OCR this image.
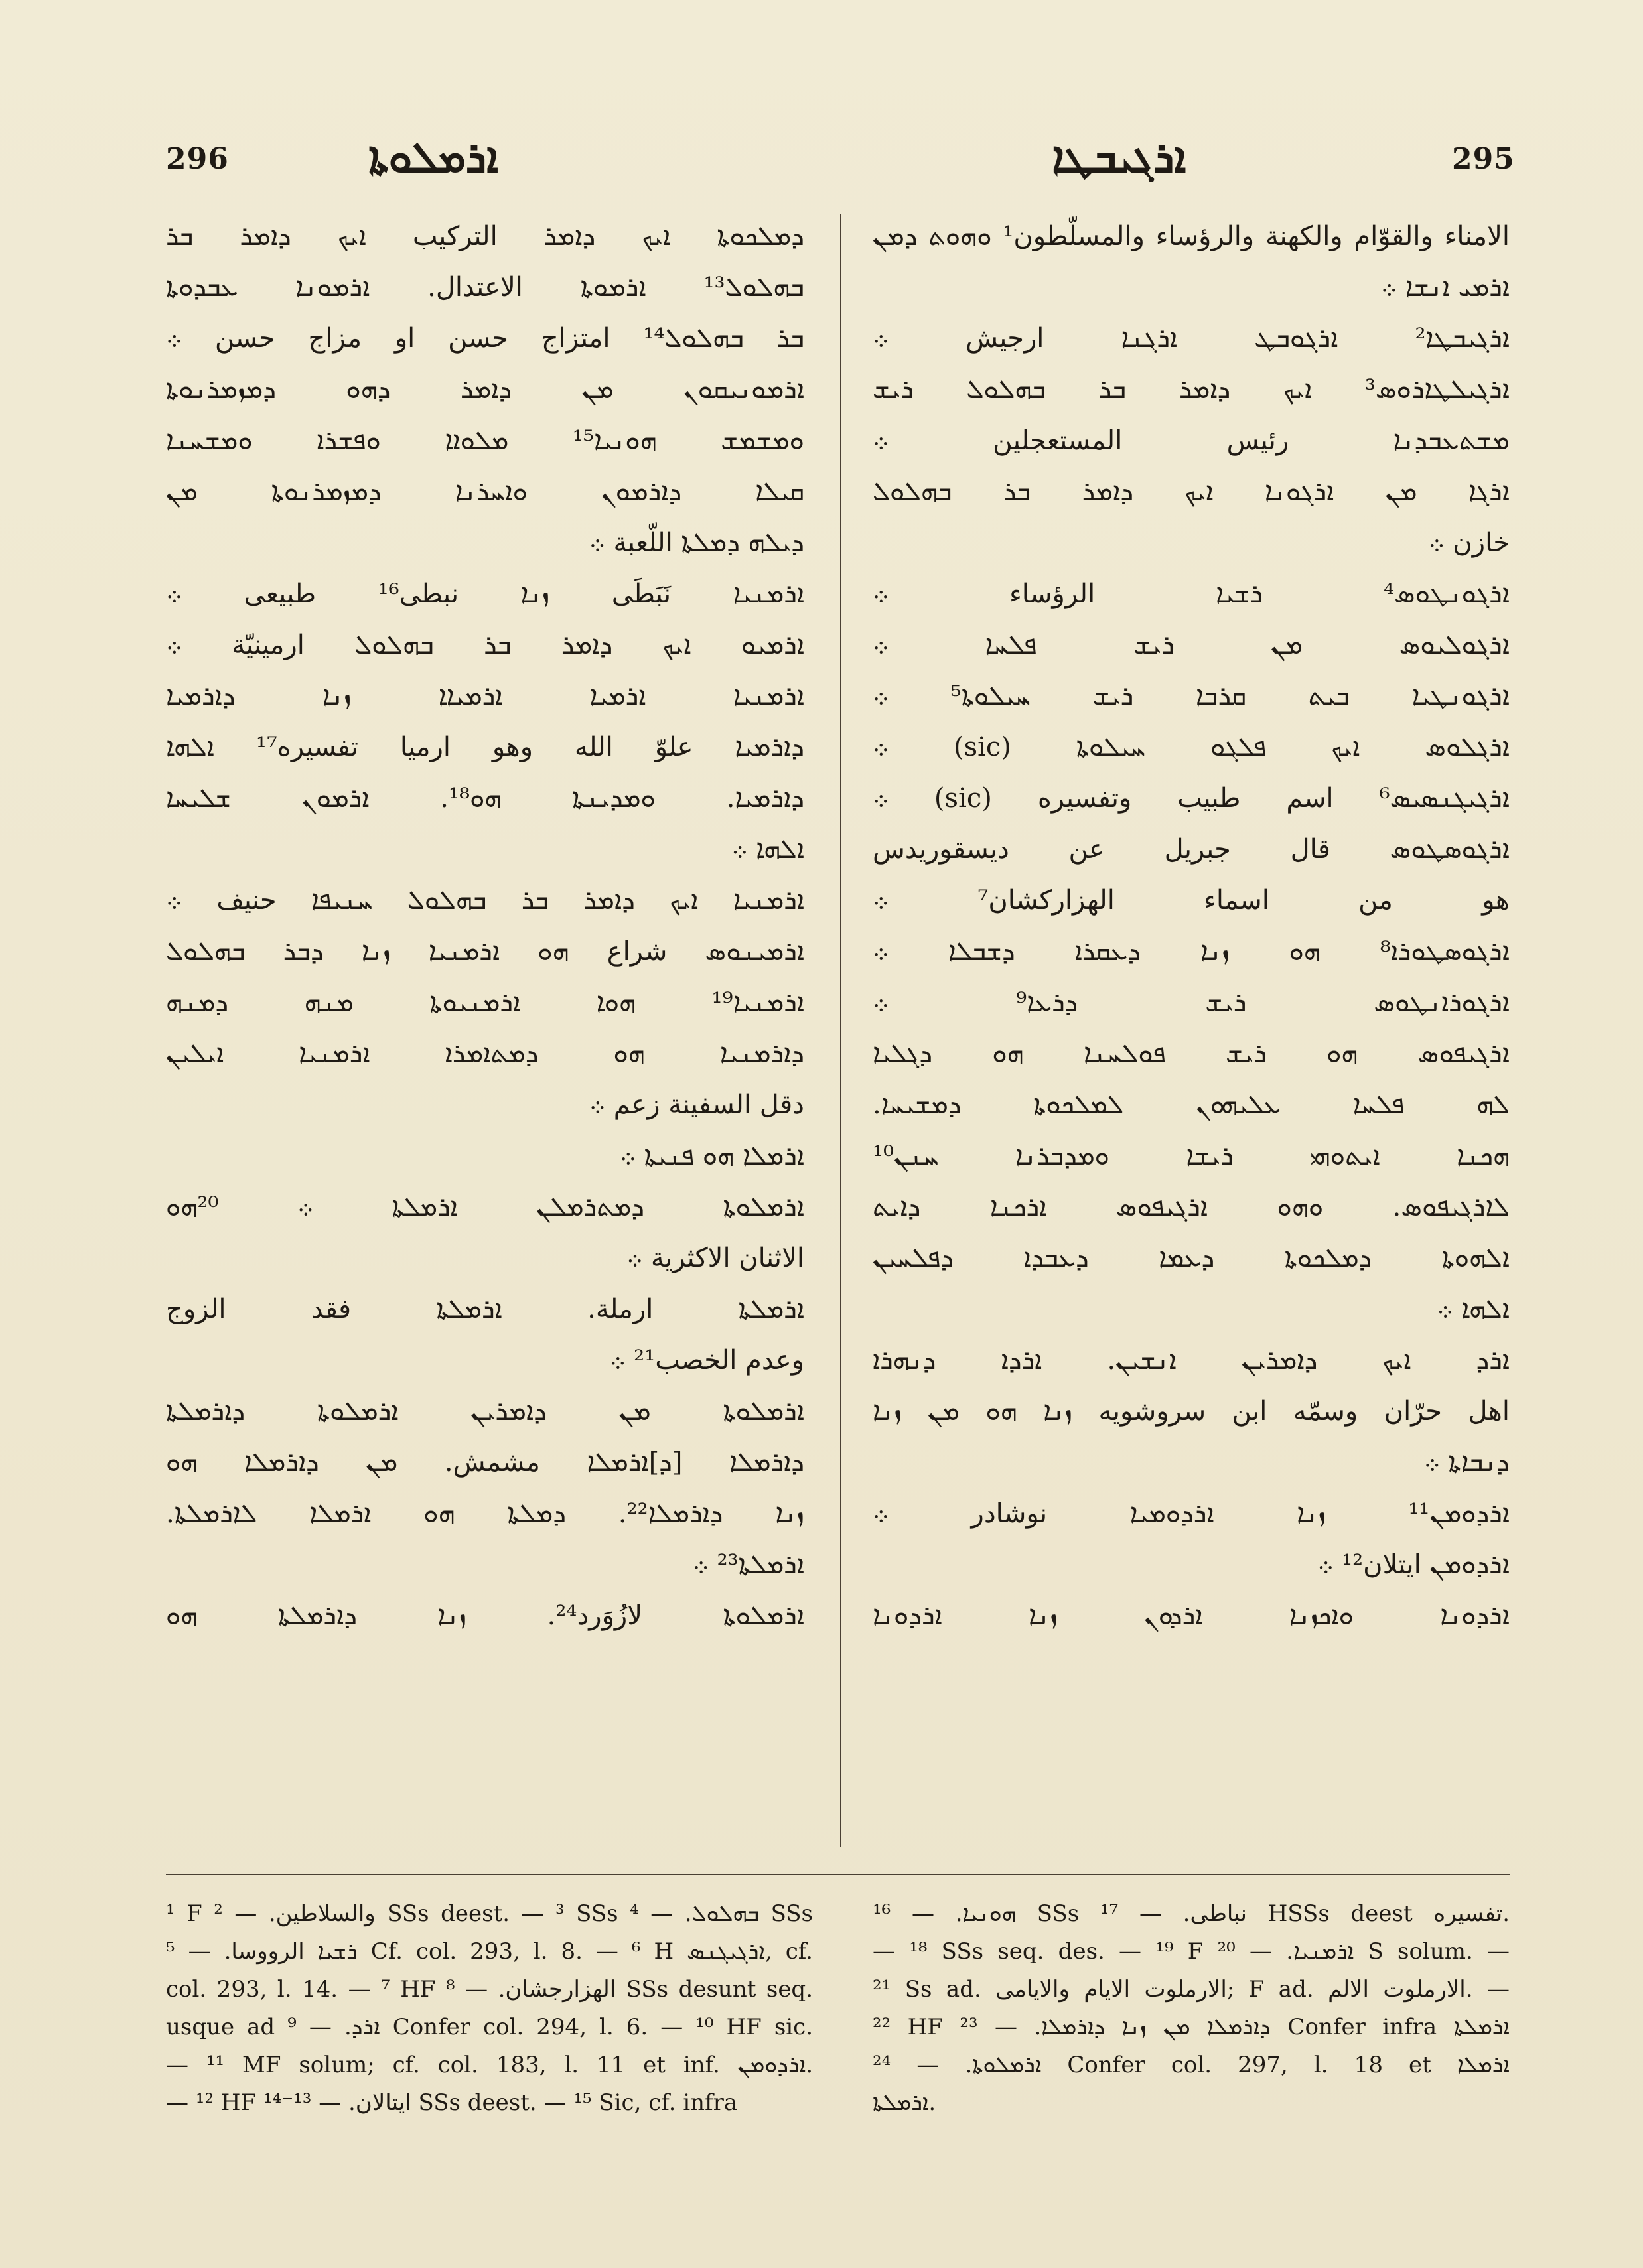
296	ܐܪܡܠܘܬܐ	ܐܪܓܝܒܛܐ	295
الامناء والقوّام والكهنة والرؤساء والمسلّطون¹ ܘܗܘܬ ܕܡܢ
ܐܪܡܝ ܐܢܫܐ ܀
ܐܪܓܝܒܛܐ² ܐܪܓܘܒܛ ܐܪܓܢܐ ارجيش ܀
ܐܪܓܝܠܛܐܪܘܣ³ ܐܝܟ ܕܐܡܪ ܒܪ ܒܗܠܘܠ ܪܝܫ
ܡܫܬܥܒܕܢܐ رئيس المستعجلين ܀
ܐܪܓܐ ܡܢ ܐܪܓܘܢܐ ܐܝܟ ܕܐܡܪ ܒܪ ܒܗܠܘܠ
خازن ܀
ܐܪܓܘܢܛܘܣ⁴ ܪܫܝܐ الرؤساء ܀
ܐܪܓܘܠܝܘܣ ܡܢ ܪܝܫ ܦܠܚܐ ܀
ܐܪܓܘܢܛܝܐ ܒܝܬ ܩܪܒܐ ܪܝܫ ܚܝܠܘܬܐ⁵ ܀
ܐܪܓܠܘܣ ܐܝܟ ܦܠܓܘ ܚܝܠܘܬܐ (sic) ܀
ܐܪܓܝܓܢܣܝܣ⁶ اسم طبيب وتفسيره (sic) ܀
ܐܪܓܘܣܛܘܣ قال جبريل عن ديسقوريدس
هو من اسماء الهزاركشان⁷ ܀
ܐܪܓܘܣܛܘܪܐ⁸ ܗܘ ܙܢܐ ܕܥܩܪܐ ܕܫܒܠܐ ܀
ܐܪܓܘܪܐܢܛܘܣ ܪܝܫ ܕܪܥܐ⁹ ܀
ܐܪܓܝܦܘܣ ܗܘ ܪܝܫ ܦܘܠܚܢܐ ܗܘ ܕܓܠܝܐ
ܠܗ ܦܠܚܐ ܥܠܝܗܘܢ ܠܡܠܟܘܬܐ ܕܡܫܝܚܐ.
ܗܟܢܐ ܐܝܬܘܗܝ ܪܝܫܐ ܘܡܕܒܪܢܐ ܚܢܢ¹⁰
ܠܐܪܓܝܦܘܣ. ܘܗܘ ܐܪܓܝܦܘܣ ܐܪܟܢܐ ܕܐܝܬ
ܐܠܗܘܬܐ ܕܡܠܟܘܬܐ ܕܥܡܐ ܕܥܒܕܐ ܕܦܠܚܝܢ
ܐܠܗܐ ܀
ܐܪܕ ܐܝܟ ܕܐܡܪܝܢ ܐܢܫܝܢ. ܐܪܕܐ ܕܢܗܪܐ
اهل حرّان وسمّه ابن سروشويه ܙܢܐ ܗܘ ܡܢ ܙܢܐ
ܕܢܒܐܬܐ ܀
ܐܪܕܘܡܢ¹¹ ܙܢܐ ܐܪܕܘܡܝܐ نوشادر ܀
ܐܪܕܘܡܢ ايتلان¹² ܀
ܐܪܕܘܢܐ ܘܐܟܙܢܐ ܐܪܕܘܢ ܙܢܐ ܐܪܕܘܢܐ
ܕܡܠܟܘܬܐ ܐܝܟ ܕܐܡܪ التركيب ܐܝܟ ܕܐܡܪ ܒܪ
ܒܗܠܘܠ¹³ ܐܪܡܘܬܐ الاعتدال. ܐܪܡܘܢܐ ܥܒܕܘܬܐ
ܒܪ ܒܗܠܘܠ¹⁴ امتزاج حسن او مزاج حسن ܀
ܐܪܡܘܢܝܩܘܢ ܡܢ ܕܐܡܪ ܕܗܘ ܕܡܙܡܪܢܘܬܐ
ܘܡܫܡܫ ܗܘܢܝܐ¹⁵ ܡܠܘܐܐ ܘܦܫܪܐ ܘܡܫܚܢܐ
ܩܝܠܐ ܕܐܪܡܘܢ ܘܐܚܪܢܐ ܕܡܙܡܪܢܘܬܐ ܡܢ
ܕܝܠܗ ܕܡܠܬܐ اللّعبة ܀
ܐܪܡܢܝܐ نَبَطَى ܙܢܐ نبطى¹⁶ طبيعى ܀
ܐܪܡܝܘ ܐܝܟ ܕܐܡܪ ܒܪ ܒܗܠܘܠ ارمينيّة ܀
ܐܪܡܢܝܐ ܐܪܡܝܐ ܐܪܡܝܐܐ ܙܢܐ ܕܐܪܡܝܐ
ܕܐܪܡܝܐ علوّ الله وهو ارميا تفسيره¹⁷ ܐܠܗܐ
ܕܐܪܡܝܐ. ܘܡܕܝܢܬܐ ܗܘ¹⁸. ܐܪܡܘܢ ܫܠܝܚܐ
ܐܠܗܐ ܀
ܐܪܡܢܝܐ ܐܝܟ ܕܐܡܪ ܒܪ ܒܗܠܘܠ ܚܢܝܦܐ حنيف ܀
ܐܪܡܝܢܘܣ شراع ܗܘ ܐܪܡܢܝܐ ܙܢܐ ܕܒܪ ܒܗܠܘܠ
ܐܪܡܢܝܐ¹⁹ ܗܘܐ ܐܪܡܢܝܘܬܐ ܡܢܗ ܕܡܢܗ
ܕܐܪܡܢܝܐ ܗܘ ܕܡܬܐܡܪܐ ܐܪܡܢܝܐ ܐܝܠܝܢ
دقل السفينة زعم ܀
ܐܪܡܠܐ ܗܘ ܦܢܝܬܐ ܀
ܐܪܡܠܘܬܐ ܕܡܬܪܡܠܢ ܐܪܡܠܬܐ ܀ ²⁰ܗܘ
الاثنان الاكثرية ܀
ܐܪܡܠܬܐ ارملة. ܐܪܡܠܬܐ فقد الزوج
وعدم الخصب²¹ ܀
ܐܪܡܠܘܬܐ ܡܢ ܕܐܡܪܝܢ ܐܪܡܠܘܬܐ ܕܐܪܡܠܬܐ
ܕܐܪܡܠܐ [ܕ]ܐܪܡܠܐ مشمش. ܡܢ ܕܐܪܡܠܐ ܗܘ
ܙܢܐ ܕܐܪܡܠܐ²². ܕܡܠܬܐ ܗܘ ܐܪܡܠܐ ܠܐܪܡܠܬܐ.
ܐܪܡܠܬܐ²³ ܀
ܐܪܡܠܘܬܐ لازُوَرد²⁴. ܙܢܐ ܕܐܪܡܠܬܐ ܗܘ
¹ F والسلاطين. — ² SSs deest. — ³ SSs ܒܗܠܘܠ. — ⁴ SSs
ܪܫܝܐ الرووسا. — ⁵ Cf. col. 293, l. 8. — ⁶ H ܐܪܓܝܓܢܣ, cf.
col. 293, l. 14. — ⁷ HF الهزارجشان. — ⁸ SSs desunt seq.
usque ad ܐܪܕ. — ⁹ Confer col. 294, l. 6. — ¹⁰ HF sic.
— ¹¹ MF solum; cf. col. 183, l. 11 et inf. ܐܪܕܘܡܢ.
— ¹² HF ايتالان. — ¹³⁻¹⁴ SSs deest. — ¹⁵ Sic, cf. infra
ܗܘܢܝܐ. — ¹⁶ SSs نباطى. — ¹⁷ HSSs deest تفسيره.
— ¹⁸ SSs seq. des. — ¹⁹ F ܐܪܡܢܝܐ. — ²⁰ S solum. —
²¹ Ss ad. الارملوت الايام والايامى; F ad. الارملوت الالم. —
²² HF ܕܐܪܡܠܐ ܡܢ ܙܢܐ ܕܐܪܡܠܐ. — ²³ Confer infra ܐܪܡܠܬܐ
ܐܪܡܠܘܬܐ. — ²⁴ Confer col. 297, l. 18 et ܐܪܡܠܐ
ܐܪܡܠܬܐ.
